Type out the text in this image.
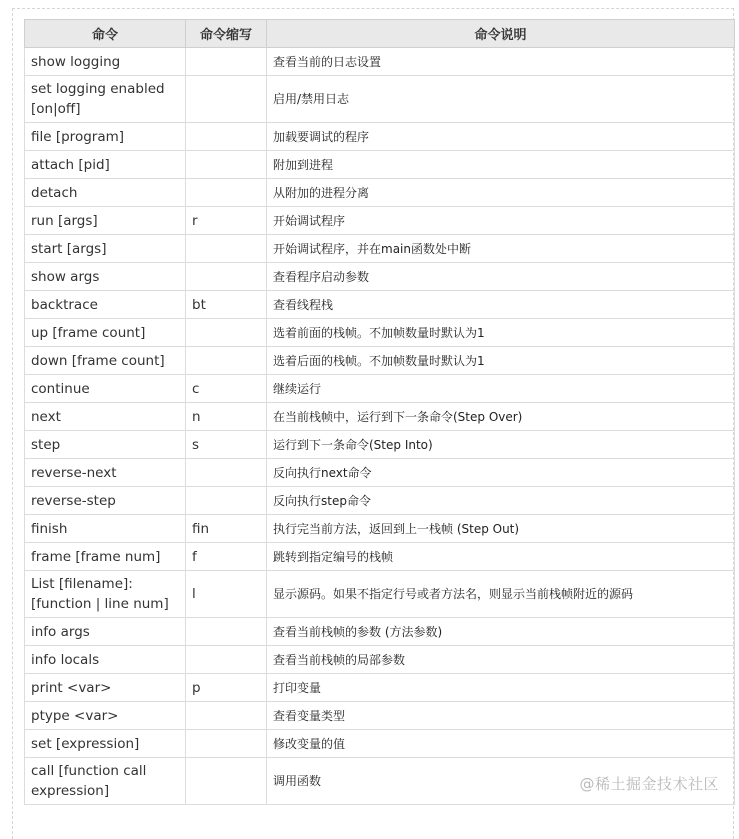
命令	命令缩写	命令说明
show logging		查看当前的日志设置
set logging enabled [on|off]		启用/禁用日志
file [program]		加载要调试的程序
attach [pid]		附加到进程
detach		从附加的进程分离
run [args]	r	开始调试程序
start [args]		开始调试程序，并在main函数处中断
show args		查看程序启动参数
backtrace	bt	查看线程栈
up [frame count]		选着前面的栈帧。不加帧数量时默认为1
down [frame count]		选着后面的栈帧。不加帧数量时默认为1
continue	c	继续运行
next	n	在当前栈帧中，运行到下一条命令(Step Over)
step	s	运行到下一条命令(Step Into)
reverse-next		反向执行next命令
reverse-step		反向执行step命令
finish	fin	执行完当前方法，返回到上一栈帧 (Step Out)
frame [frame num]	f	跳转到指定编号的栈帧
List [filename]: [function | line num]	l	显示源码。如果不指定行号或者方法名，则显示当前栈帧附近的源码
info args		查看当前栈帧的参数 (方法参数)
info locals		查看当前栈帧的局部参数
print <var>	p	打印变量
ptype <var>		查看变量类型
set [expression]		修改变量的值
call [function call expression]		调用函数	@稀土掘金技术社区
